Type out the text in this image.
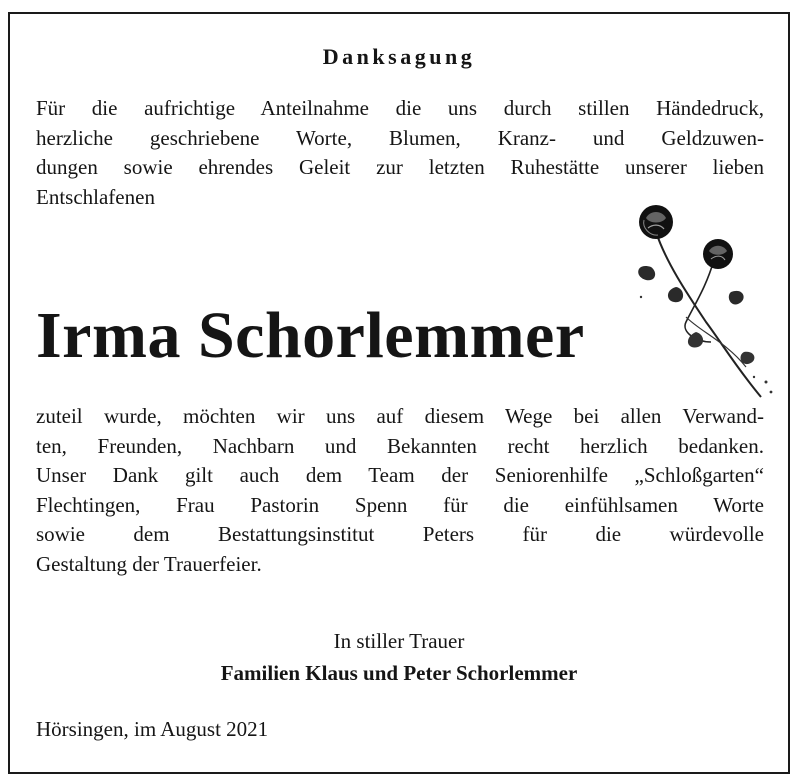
Danksagung

Für die aufrichtige Anteilnahme die uns durch stillen Händedruck,
herzliche geschriebene Worte, Blumen, Kranz- und Geldzuwen-
dungen sowie ehrendes Geleit zur letzten Ruhestätte unserer lieben
Entschlafenen

Irma Schorlemmer

zuteil wurde, möchten wir uns auf diesem Wege bei allen Verwand-
ten, Freunden, Nachbarn und Bekannten recht herzlich bedanken.
Unser Dank gilt auch dem Team der Seniorenhilfe „Schloßgarten“
Flechtingen, Frau Pastorin Spenn für die einfühlsamen Worte
sowie dem Bestattungsinstitut Peters für die würdevolle
Gestaltung der Trauerfeier.

In stiller Trauer
Familien Klaus und Peter Schorlemmer
Hörsingen, im August 2021
